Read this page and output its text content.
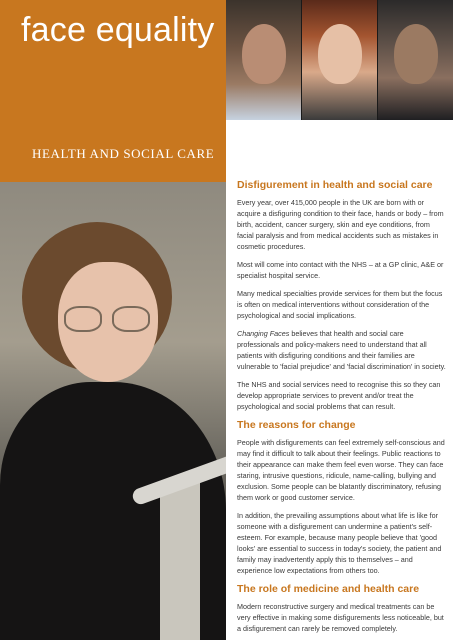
face equality
HEALTH AND SOCIAL CARE
Disfigurement in health and social care

Every year, over 415,000 people in the UK are born with or acquire a disfiguring condition to their face, hands or body – from birth, accident, cancer surgery, skin and eye conditions, from facial paralysis and from medical accidents such as mistakes in cosmetic procedures.

Most will come into contact with the NHS – at a GP clinic, A&E or specialist hospital service.

Many medical specialties provide services for them but the focus is often on medical interventions without consideration of the psychological and social implications.

Changing Faces believes that health and social care professionals and policy-makers need to understand that all patients with disfiguring conditions and their families are vulnerable to 'facial prejudice' and 'facial discrimination' in society.

The NHS and social services need to recognise this so they can develop appropriate services to prevent and/or treat the psychological and social problems that can result.

The reasons for change

People with disfigurements can feel extremely self-conscious and may find it difficult to talk about their feelings. Public reactions to their appearance can make them feel even worse. They can face staring, intrusive questions, ridicule, name-calling, bullying and exclusion. Some people can be blatantly discriminatory, refusing them work or good customer service.

In addition, the prevailing assumptions about what life is like for someone with a disfigurement can undermine a patient's self-esteem. For example, because many people believe that 'good looks' are essential to success in today's society, the patient and family may inadvertently apply this to themselves – and experience low expectations from others too.

The role of medicine and health care

Modern reconstructive surgery and medical treatments can be very effective in making some disfigurements less noticeable, but a disfigurement can rarely be removed completely.
